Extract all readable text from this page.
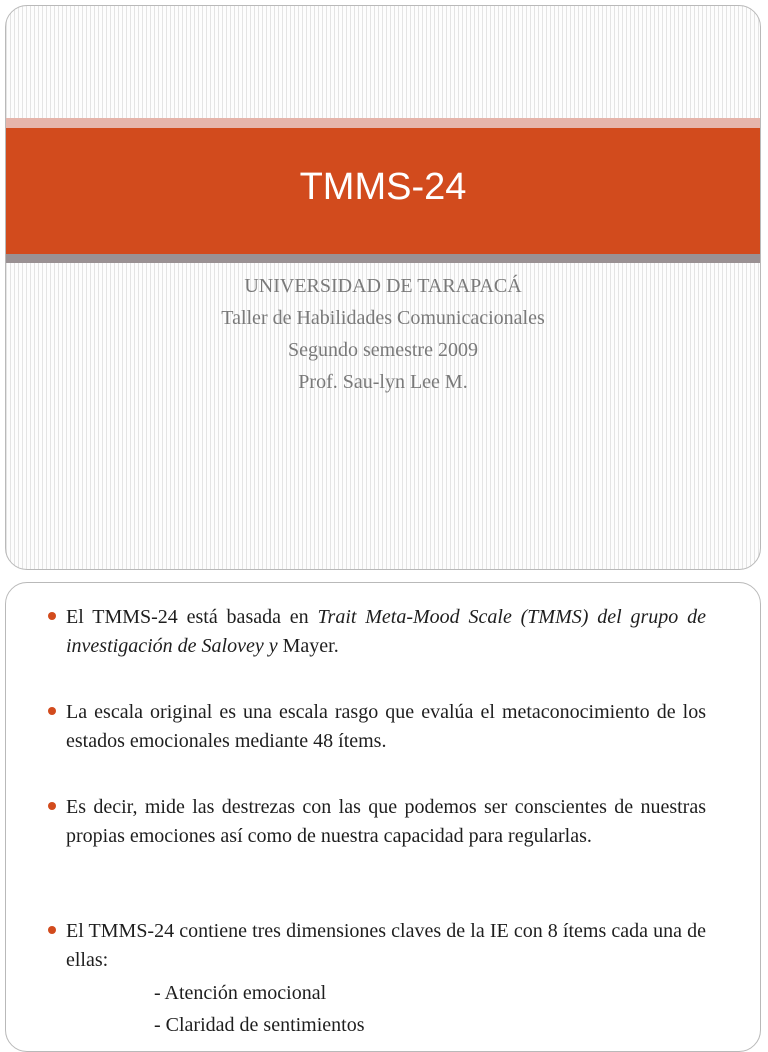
TMMS-24
UNIVERSIDAD DE TARAPACÁ
Taller de Habilidades Comunicacionales
Segundo semestre 2009
Prof. Sau-lyn Lee M.
El TMMS-24 está basada en Trait Meta-Mood Scale (TMMS) del grupo de investigación de Salovey y Mayer.
La escala original es una escala rasgo que evalúa el metaconocimiento de los estados emocionales mediante 48 ítems.
Es decir, mide las destrezas con las que podemos ser conscientes de nuestras propias emociones así como de nuestra capacidad para regularlas.
El TMMS-24 contiene tres dimensiones claves de la IE con 8 ítems cada una de ellas:
- Atención emocional
- Claridad de sentimientos
